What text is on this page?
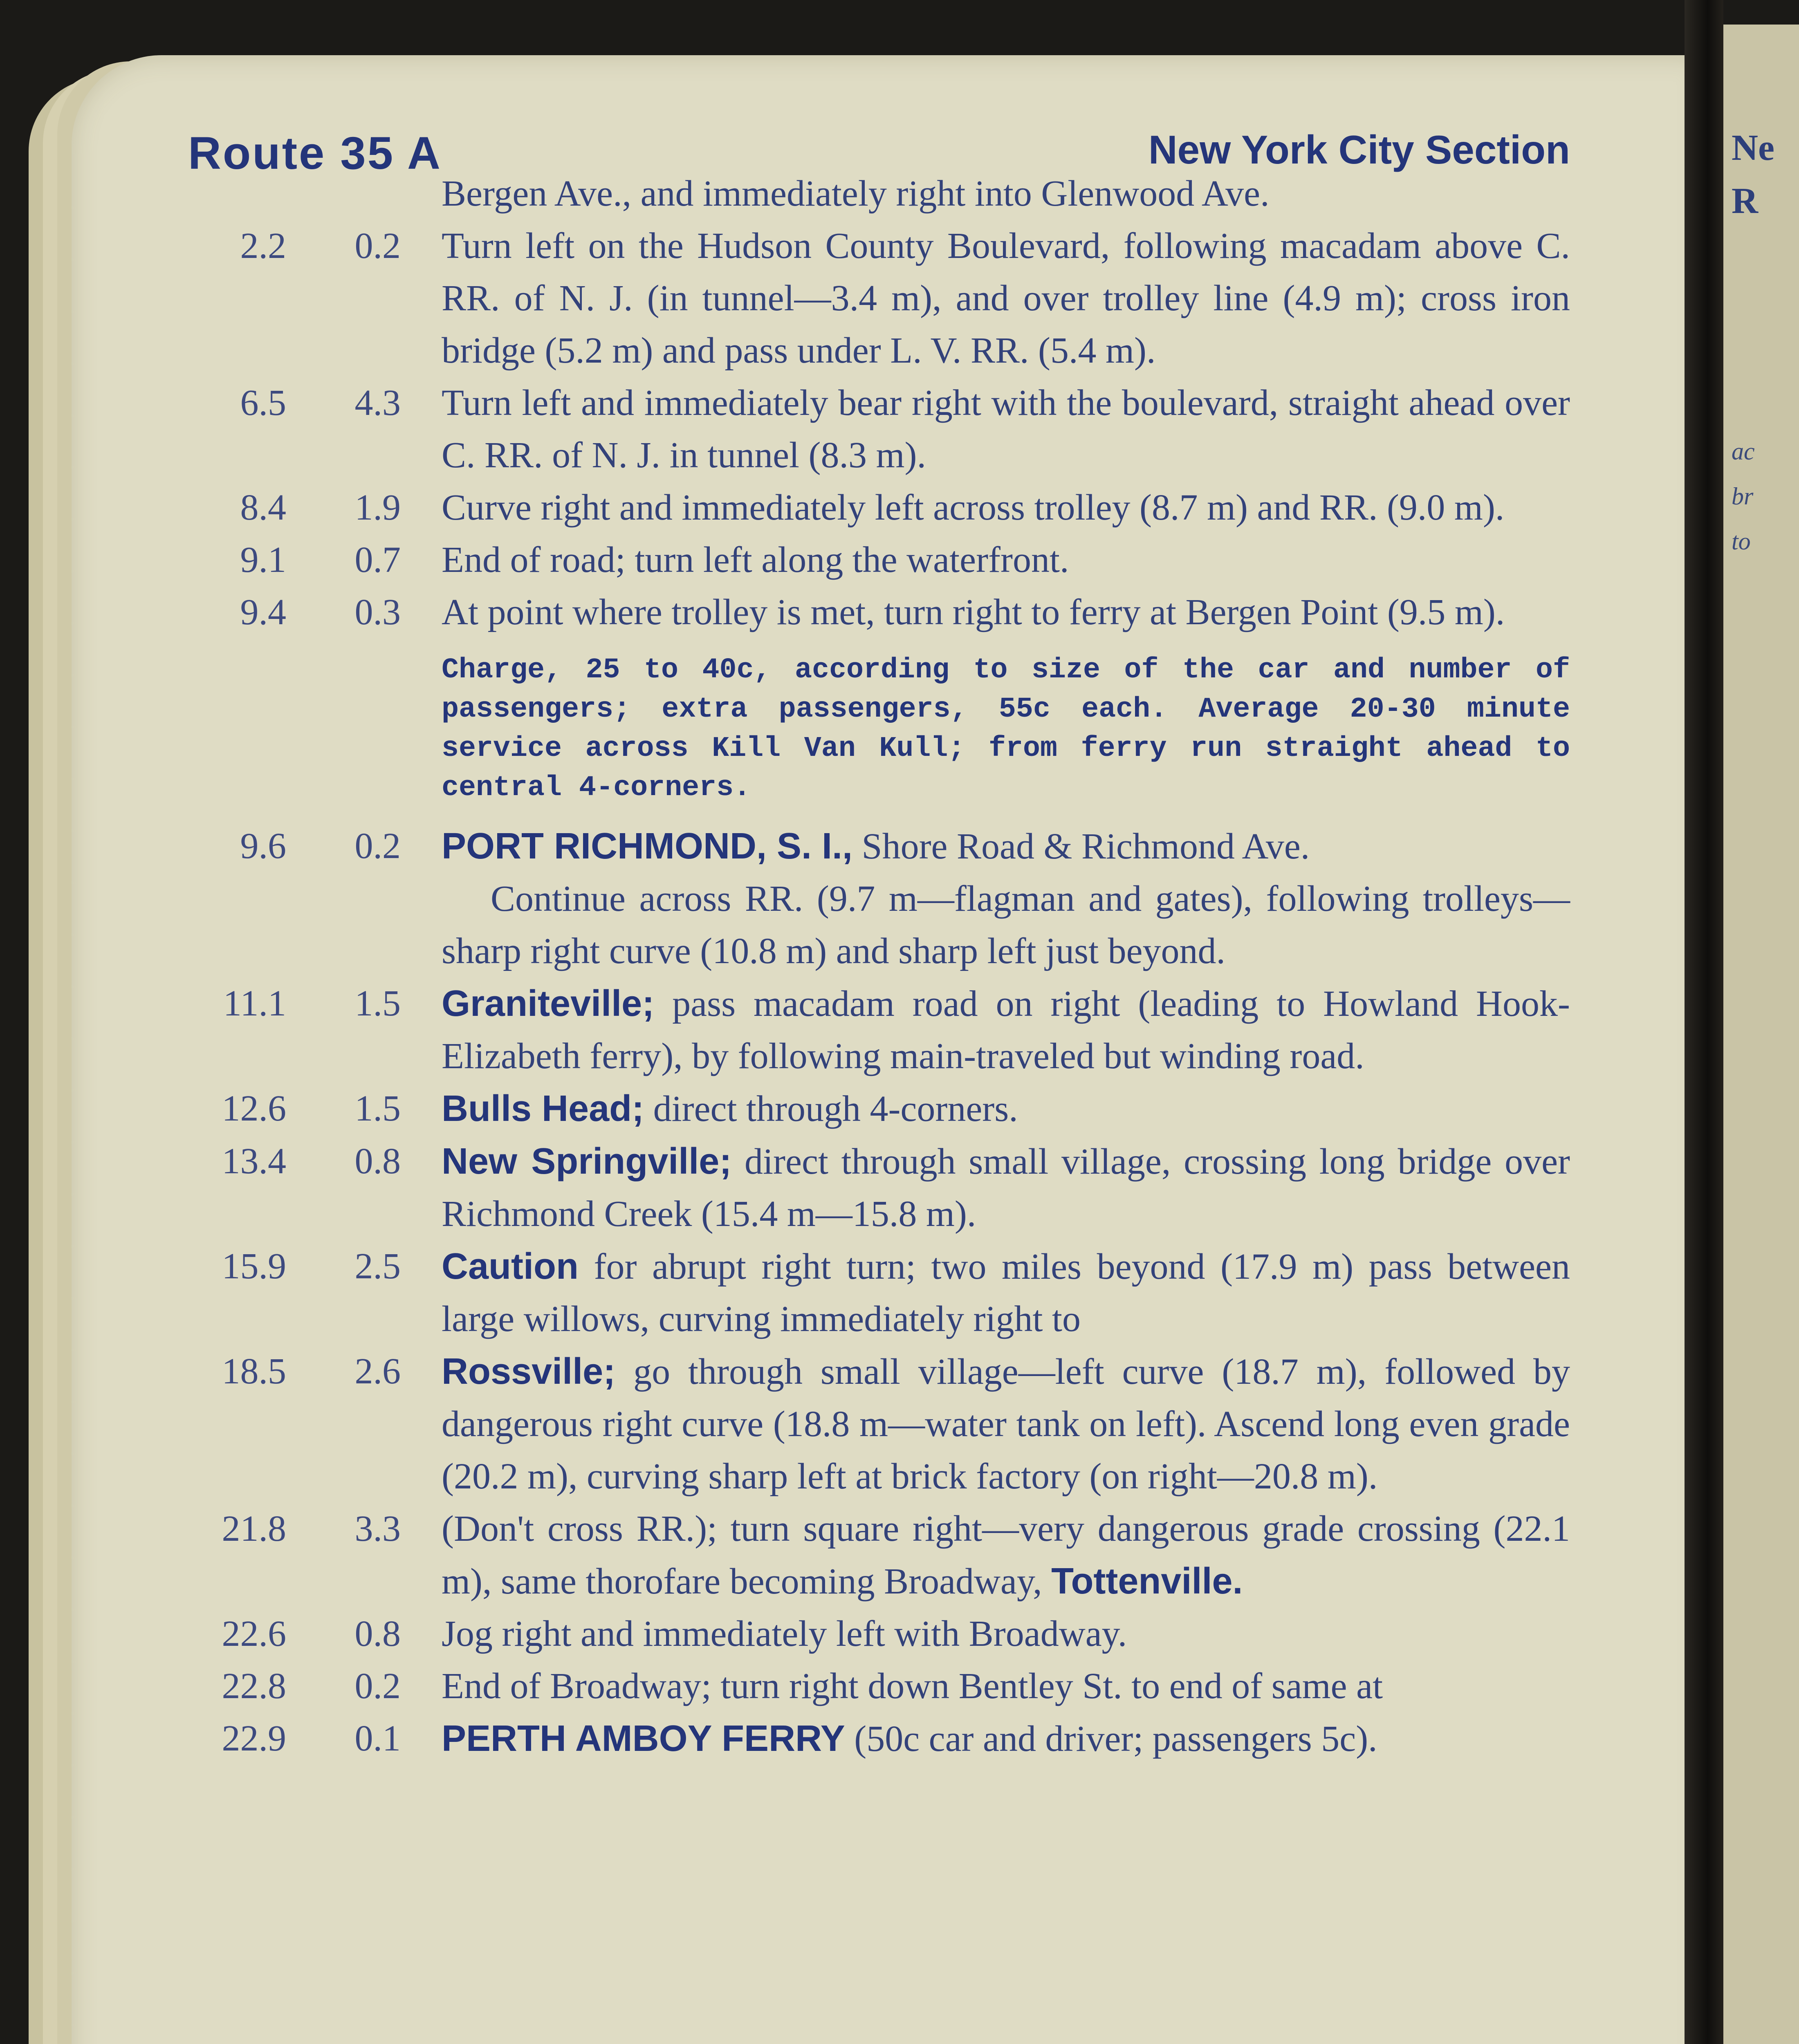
Ne
R
ac
br
to
Route 35 A	New York City Section
Bergen Ave., and immediately right into Glenwood Ave.
2.2	0.2 Turn left on the Hudson County Boulevard, following macadam above C. RR. of N. J. (in tunnel—3.4 m), and over trolley line (4.9 m); cross iron bridge (5.2 m) and pass under L. V. RR. (5.4 m).
6.5	4.3 Turn left and immediately bear right with the boulevard, straight ahead over C. RR. of N. J. in tunnel (8.3 m).
8.4	1.9 Curve right and immediately left across trolley (8.7 m) and RR. (9.0 m).
9.1	0.7 End of road; turn left along the waterfront.
9.4	0.3 At point where trolley is met, turn right to ferry at Bergen Point (9.5 m).
Charge, 25 to 40c, according to size of the car and number of passengers; extra passengers, 55c each. Average 20-30 minute service across Kill Van Kull; from ferry run straight ahead to central 4-corners.
9.6	0.2 PORT RICHMOND, S. I., Shore Road & Richmond Ave.
Continue across RR. (9.7 m—flagman and gates), following trolleys—sharp right curve (10.8 m) and sharp left just beyond.
11.1	1.5 Graniteville; pass macadam road on right (leading to Howland Hook-Elizabeth ferry), by following main-traveled but winding road.
12.6	1.5 Bulls Head; direct through 4-corners.
13.4	0.8 New Springville; direct through small village, crossing long bridge over Richmond Creek (15.4 m—15.8 m).
15.9	2.5 Caution for abrupt right turn; two miles beyond (17.9 m) pass between large willows, curving immediately right to
18.5	2.6 Rossville; go through small village—left curve (18.7 m), followed by dangerous right curve (18.8 m—water tank on left). Ascend long even grade (20.2 m), curving sharp left at brick factory (on right—20.8 m).
21.8	3.3 (Don't cross RR.); turn square right—very dangerous grade crossing (22.1 m), same thorofare becoming Broadway, Tottenville.
22.6	0.8 Jog right and immediately left with Broadway.
22.8	0.2 End of Broadway; turn right down Bentley St. to end of same at
22.9	0.1 PERTH AMBOY FERRY (50c car and driver; passengers 5c).
